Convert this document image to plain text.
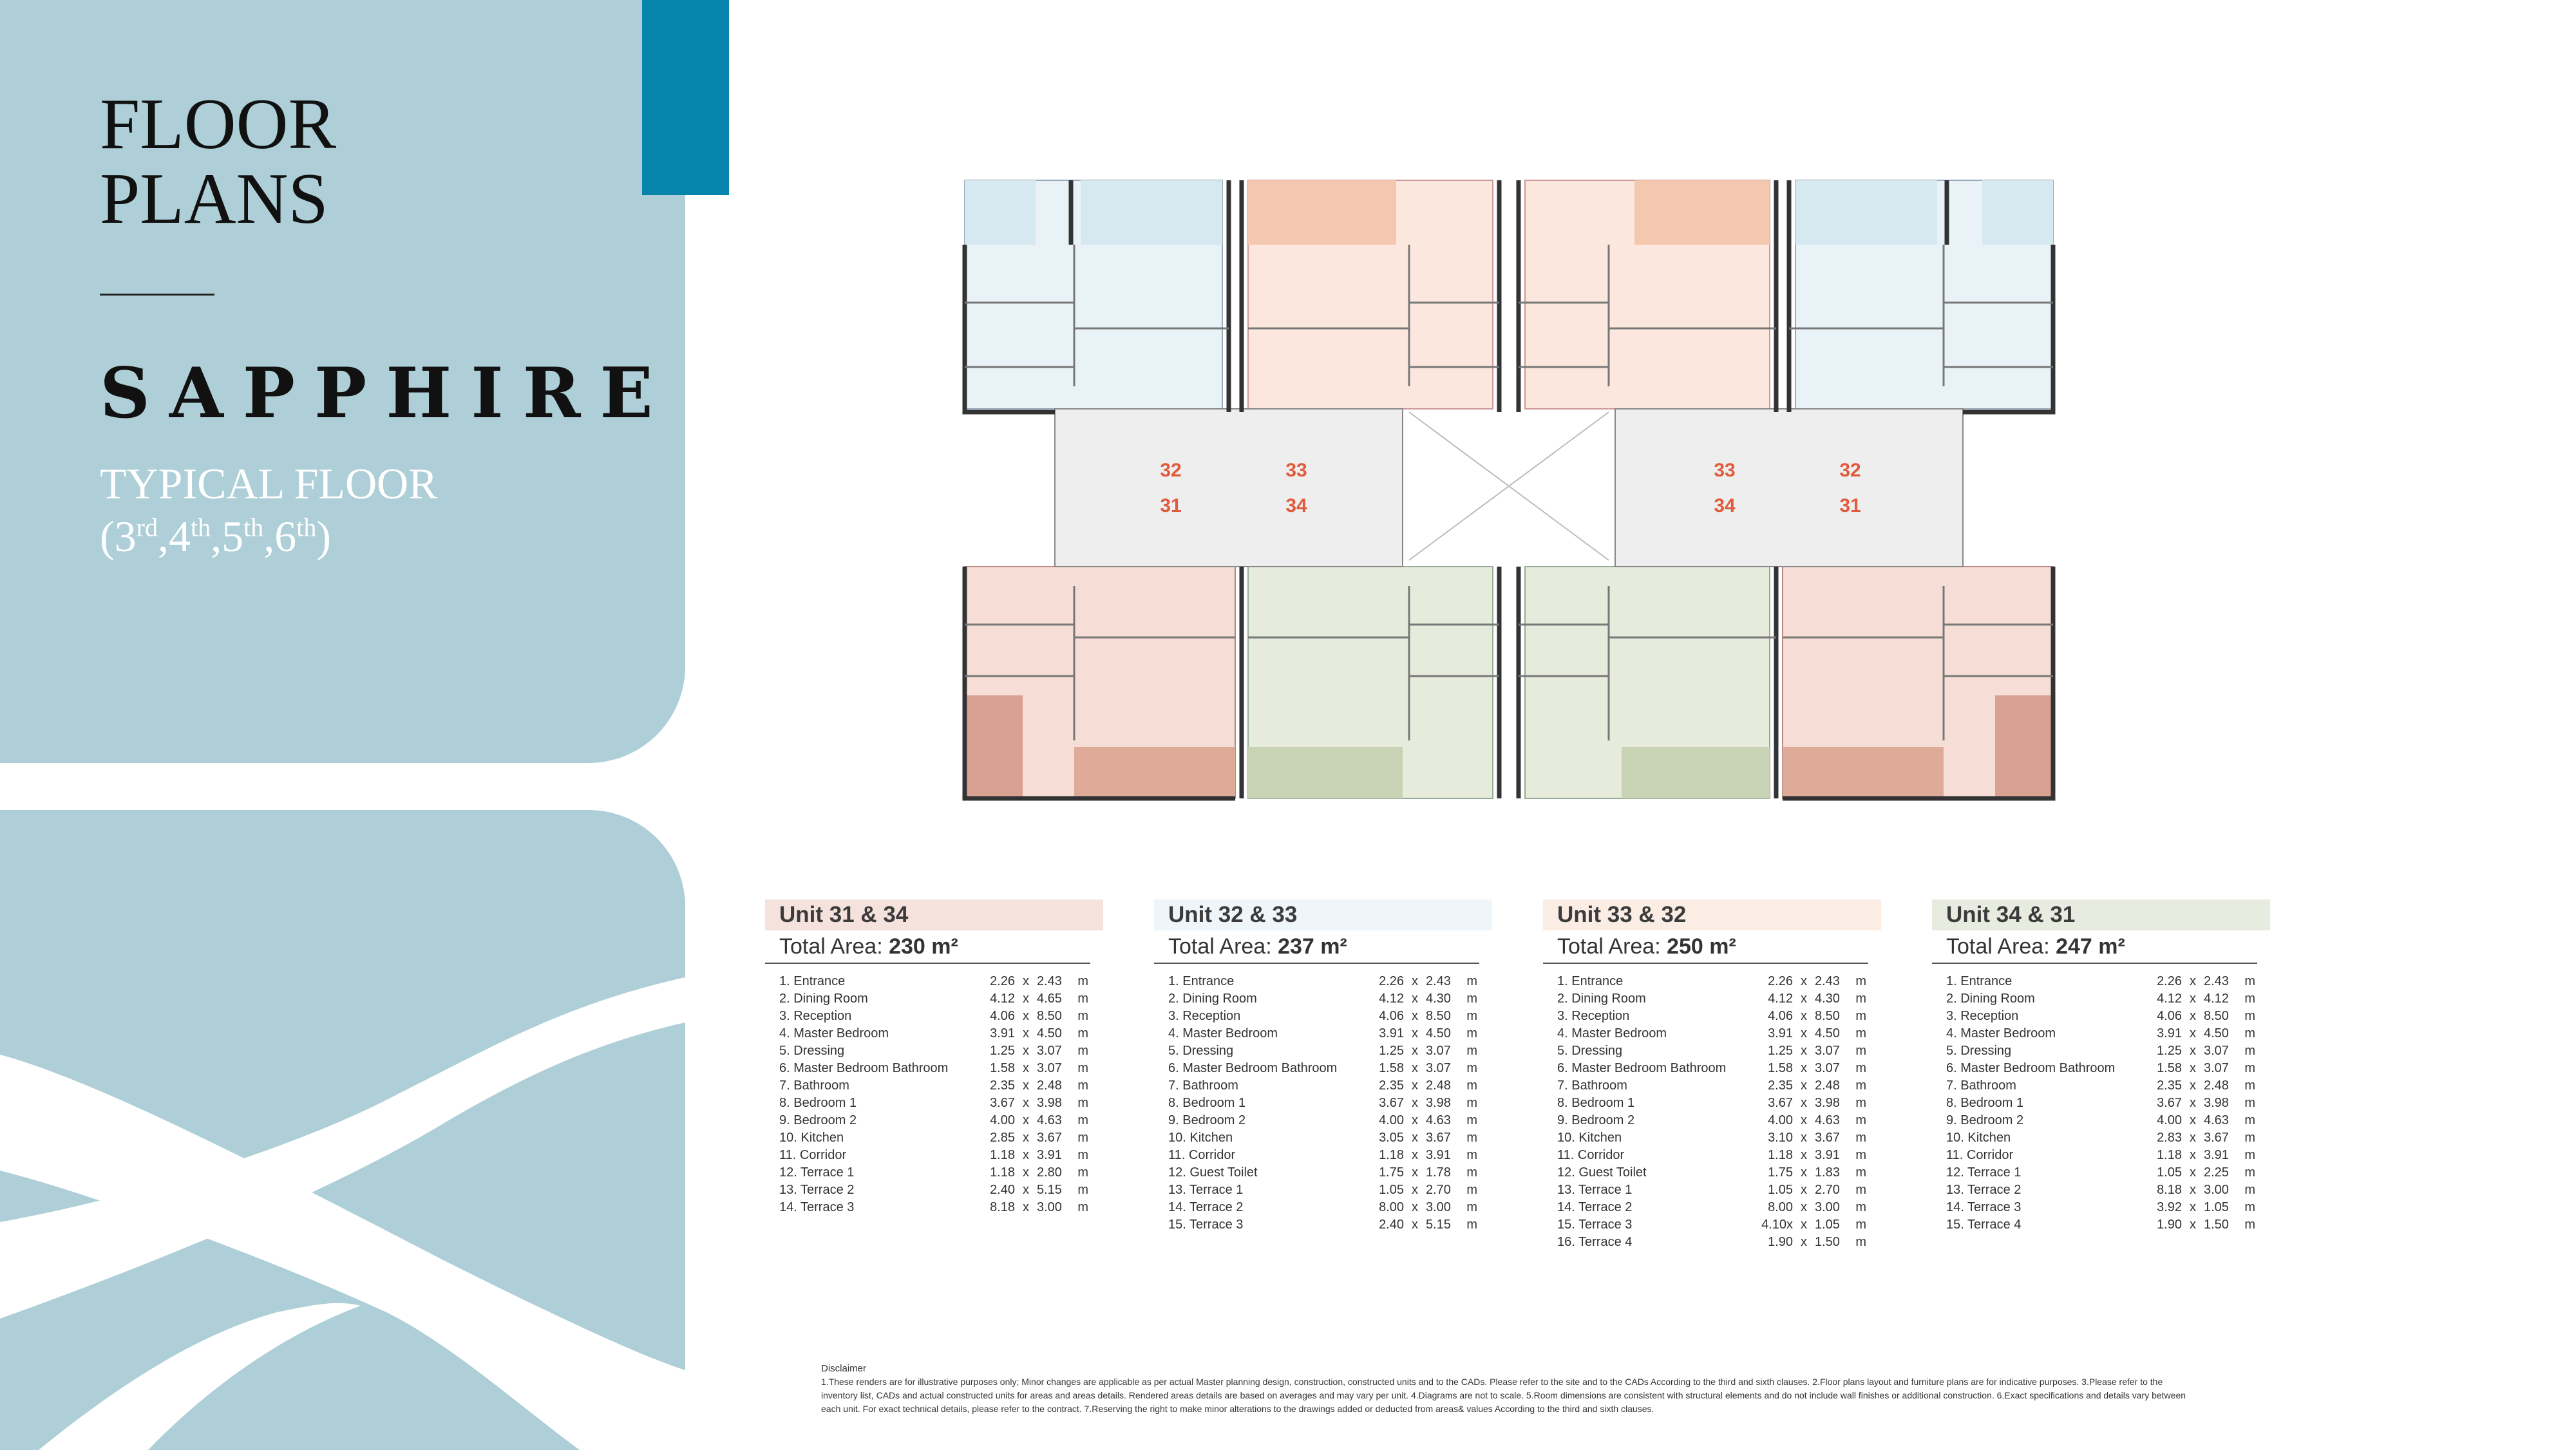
FLOOR
PLANS
SAPPHIRE
TYPICAL FLOOR
(3rd,4th,5th,6th)
32	33
31	34
33	32
34	31
Unit 31 & 34
Total Area: 230 m²
1. Entrance	2.26 x 2.43	m
2. Dining Room	4.12 x 4.65	m
3. Reception	4.06 x 8.50	m
4. Master Bedroom	3.91 x 4.50	m
5. Dressing	1.25 x 3.07	m
6. Master Bedroom Bathroom	1.58 x 3.07	m
7. Bathroom	2.35 x 2.48	m
8. Bedroom 1	3.67 x 3.98	m
9. Bedroom 2	4.00 x 4.63	m
10. Kitchen	2.85 x 3.67	m
11. Corridor	1.18 x 3.91	m
12. Terrace 1	1.18 x 2.80	m
13. Terrace 2	2.40 x 5.15	m
14. Terrace 3	8.18 x 3.00	m
Unit 32 & 33
Total Area: 237 m²
1. Entrance	2.26 x 2.43	m
2. Dining Room	4.12 x 4.30	m
3. Reception	4.06 x 8.50	m
4. Master Bedroom	3.91 x 4.50	m
5. Dressing	1.25 x 3.07	m
6. Master Bedroom Bathroom	1.58 x 3.07	m
7. Bathroom	2.35 x 2.48	m
8. Bedroom 1	3.67 x 3.98	m
9. Bedroom 2	4.00 x 4.63	m
10. Kitchen	3.05 x 3.67	m
11. Corridor	1.18 x 3.91	m
12. Guest Toilet	1.75 x 1.78	m
13. Terrace 1	1.05 x 2.70	m
14. Terrace 2	8.00 x 3.00	m
15. Terrace 3	2.40 x 5.15	m
Unit 33 & 32
Total Area: 250 m²
1. Entrance	2.26 x 2.43	m
2. Dining Room	4.12 x 4.30	m
3. Reception	4.06 x 8.50	m
4. Master Bedroom	3.91 x 4.50	m
5. Dressing	1.25 x 3.07	m
6. Master Bedroom Bathroom	1.58 x 3.07	m
7. Bathroom	2.35 x 2.48	m
8. Bedroom 1	3.67 x 3.98	m
9. Bedroom 2	4.00 x 4.63	m
10. Kitchen	3.10 x 3.67	m
11. Corridor	1.18 x 3.91	m
12. Guest Toilet	1.75 x 1.83	m
13. Terrace 1	1.05 x 2.70	m
14. Terrace 2	8.00 x 3.00	m
15. Terrace 3	4.10x x 1.05	m
16. Terrace 4	1.90 x 1.50	m
Unit 34 & 31
Total Area: 247 m²
1. Entrance	2.26 x 2.43	m
2. Dining Room	4.12 x 4.12	m
3. Reception	4.06 x 8.50	m
4. Master Bedroom	3.91 x 4.50	m
5. Dressing	1.25 x 3.07	m
6. Master Bedroom Bathroom	1.58 x 3.07	m
7. Bathroom	2.35 x 2.48	m
8. Bedroom 1	3.67 x 3.98	m
9. Bedroom 2	4.00 x 4.63	m
10. Kitchen	2.83 x 3.67	m
11. Corridor	1.18 x 3.91	m
12. Terrace 1	1.05 x 2.25	m
13. Terrace 2	8.18 x 3.00	m
14. Terrace 3	3.92 x 1.05	m
15. Terrace 4	1.90 x 1.50	m
Disclaimer
1.These renders are for illustrative purposes only; Minor changes are applicable as per actual Master planning design, construction, constructed units and to the CADs. Please refer to the site and to the CADs According to the third and sixth clauses. 2.Floor plans layout and furniture plans are for indicative purposes. 3.Please refer to the inventory list, CADs and actual constructed units for areas and areas details. Rendered areas details are based on averages and may vary per unit. 4.Diagrams are not to scale. 5.Room dimensions are consistent with structural elements and do not include wall finishes or additional construction. 6.Exact specifications and details vary between each unit. For exact technical details, please refer to the contract. 7.Reserving the right to make minor alterations to the drawings added or deducted from areas& values According to the third and sixth clauses.
